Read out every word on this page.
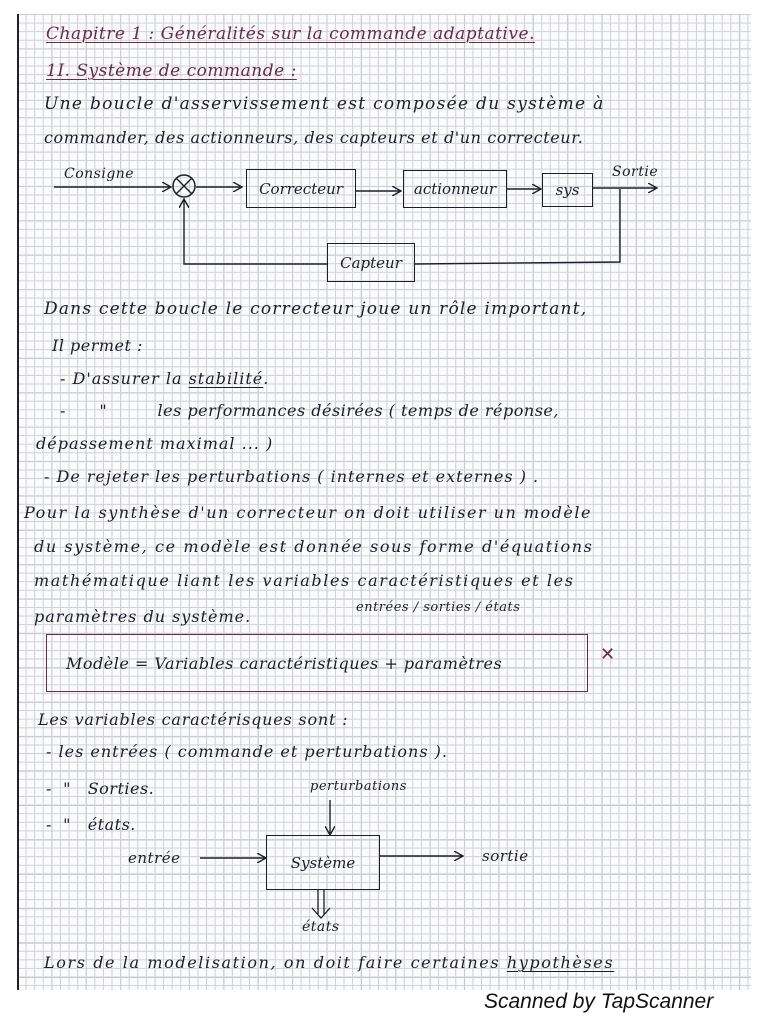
Chapitre 1 : Généralités sur la commande adaptative.
1I. Système de commande :
Une boucle d'asservissement est composée du système à
commander, des actionneurs, des capteurs et d'un correcteur.
✕
Consigne
Correcteur	actionneur	sys
Sortie
Capteur
Dans cette boucle le correcteur joue un rôle important,
Il permet :
- D'assurer la stabilité.
-      "         les performances désirées ( temps de réponse,
dépassement maximal ... )
- De rejeter les perturbations ( internes et externes ) .
Pour la synthèse d'un correcteur on doit utiliser un modèle
du système, ce modèle est donnée sous forme d'équations
mathématique liant les variables caractéristiques et les
paramètres du système.	entrées / sorties / états
Modèle = Variables caractéristiques + paramètres
Les variables caractérisques sont :
- les entrées ( commande et perturbations ).
-  "   Sorties.
-  "   états.
perturbations
entrée	Système	sortie
états
Lors de la modelisation, on doit faire certaines hypothèses
Scanned by TapScanner
